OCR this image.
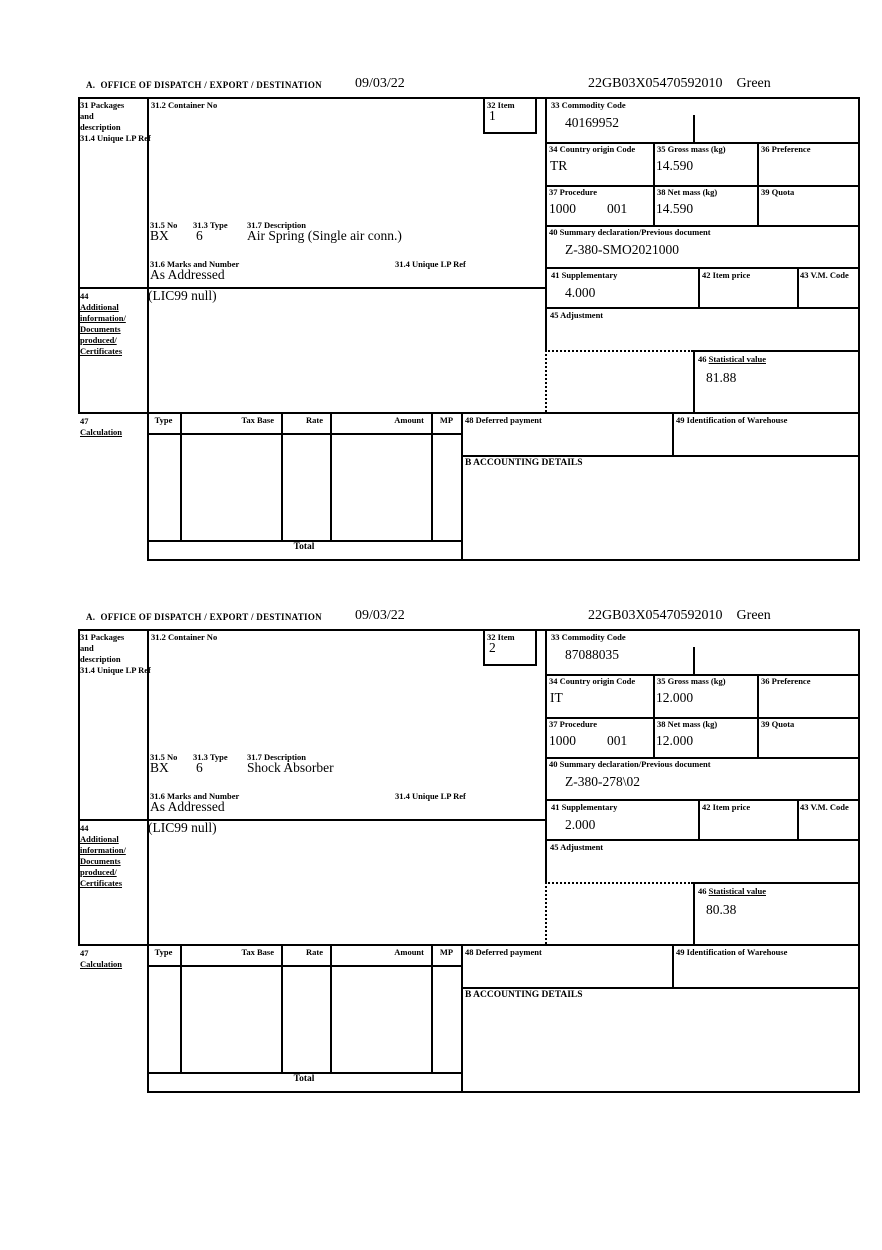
A.  OFFICE OF DISPATCH / EXPORT / DESTINATION 09/03/22	22GB03X05470592010    Green
31 Packages
and
description
31.4 Unique LP Ref
31.2 Container No	32 Item
1
33 Commodity Code
40169952
34 Country origin Code
TR
35 Gross mass (kg)
14.590
36 Preference
37 Procedure
1000 001
38 Net mass (kg)
14.590
39 Quota
40 Summary declaration/Previous document
Z-380-SMO2021000
41 Supplementary
4.000
42 Item price	43 V.M. Code
45 Adjustment
46 Statistical value
81.88
31.5 No 31.3 Type 31.7 Description
BX 6	Air Spring (Single air conn.)
31.6 Marks and Number	31.4 Unique LP Ref
As Addressed
44
Additional
information/
Documents
produced/
Certificates
(LIC99 null)
47
Calculation
Type	Tax Base	Rate	Amount	MP	48 Deferred payment	49 Identification of Warehouse
B ACCOUNTING DETAILS
Total
A.  OFFICE OF DISPATCH / EXPORT / DESTINATION 09/03/22	22GB03X05470592010    Green
31 Packages
and
description
31.4 Unique LP Ref
31.2 Container No	32 Item
2
33 Commodity Code
87088035
34 Country origin Code
IT
35 Gross mass (kg)
12.000
36 Preference
37 Procedure
1000 001
38 Net mass (kg)
12.000
39 Quota
40 Summary declaration/Previous document
Z-380-278\02
41 Supplementary
2.000
42 Item price	43 V.M. Code
45 Adjustment
46 Statistical value
80.38
31.5 No 31.3 Type 31.7 Description
BX 6	Shock Absorber
31.6 Marks and Number	31.4 Unique LP Ref
As Addressed
44
Additional
information/
Documents
produced/
Certificates
(LIC99 null)
47
Calculation
Type	Tax Base	Rate	Amount	MP	48 Deferred payment	49 Identification of Warehouse
B ACCOUNTING DETAILS
Total
